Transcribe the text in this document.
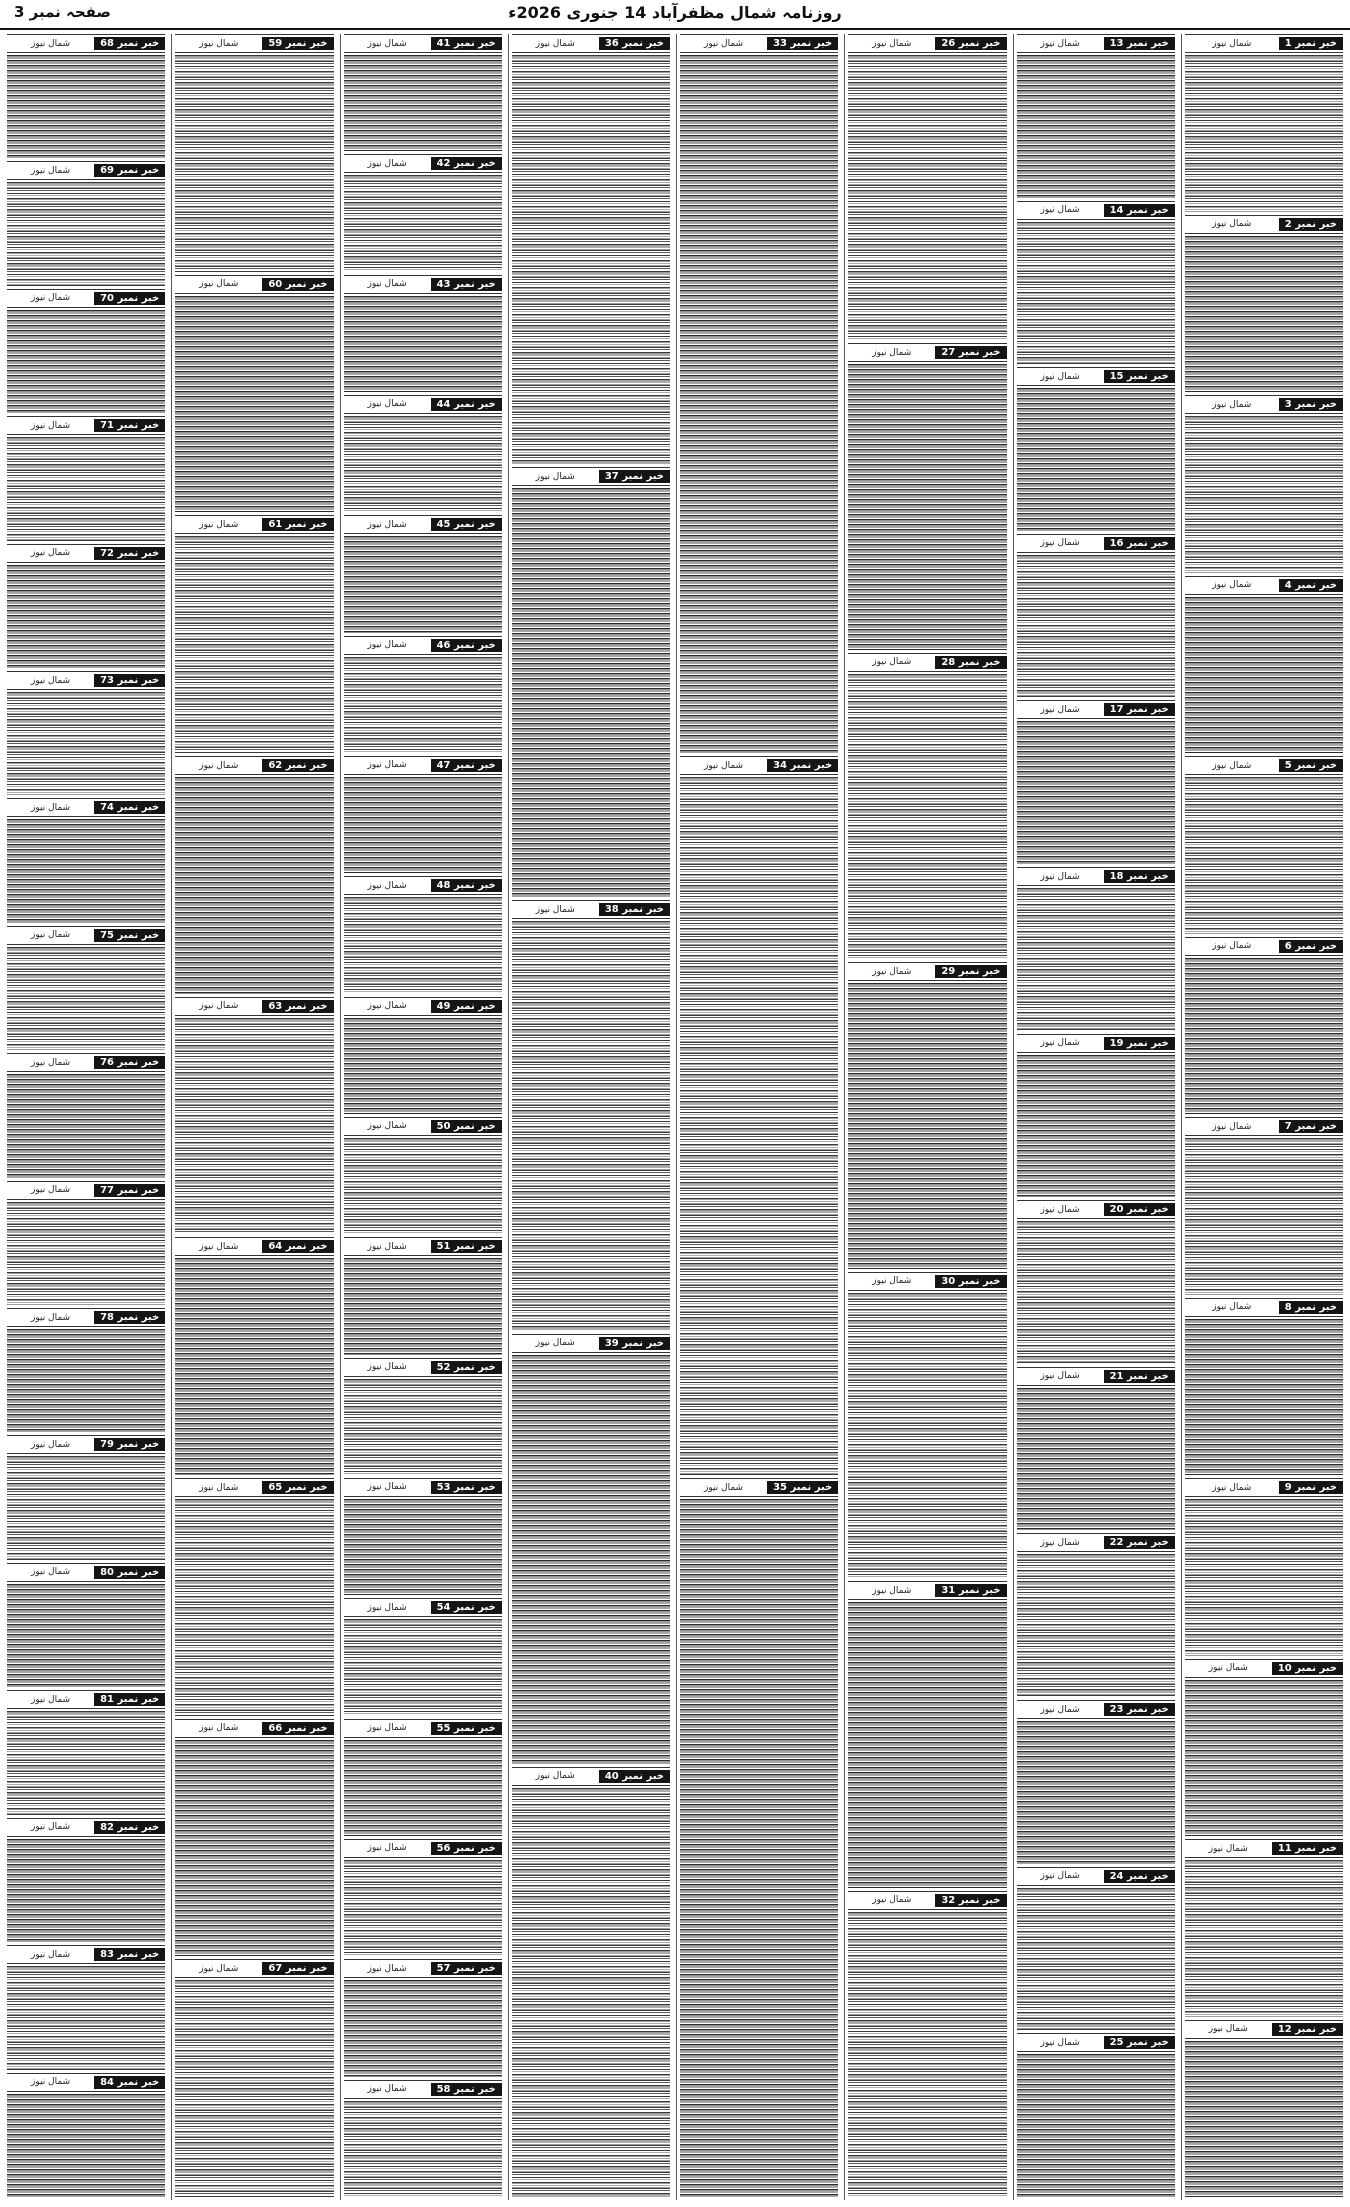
صفحہ نمبر 3	روزنامہ شمال مظفرآباد 14 جنوری 2026ء
خبر نمبر 1
شمال نیوز
خبر نمبر 2
شمال نیوز
خبر نمبر 3
شمال نیوز
خبر نمبر 4
شمال نیوز
خبر نمبر 5
شمال نیوز
خبر نمبر 6
شمال نیوز
خبر نمبر 7
شمال نیوز
خبر نمبر 8
شمال نیوز
خبر نمبر 9
شمال نیوز
خبر نمبر 10
شمال نیوز
خبر نمبر 11
شمال نیوز
خبر نمبر 12
شمال نیوز
خبر نمبر 13
شمال نیوز
خبر نمبر 14
شمال نیوز
خبر نمبر 15
شمال نیوز
خبر نمبر 16
شمال نیوز
خبر نمبر 17
شمال نیوز
خبر نمبر 18
شمال نیوز
خبر نمبر 19
شمال نیوز
خبر نمبر 20
شمال نیوز
خبر نمبر 21
شمال نیوز
خبر نمبر 22
شمال نیوز
خبر نمبر 23
شمال نیوز
خبر نمبر 24
شمال نیوز
خبر نمبر 25
شمال نیوز
خبر نمبر 26
شمال نیوز
خبر نمبر 27
شمال نیوز
خبر نمبر 28
شمال نیوز
خبر نمبر 29
شمال نیوز
خبر نمبر 30
شمال نیوز
خبر نمبر 31
شمال نیوز
خبر نمبر 32
شمال نیوز
خبر نمبر 33
شمال نیوز
خبر نمبر 34
شمال نیوز
خبر نمبر 35
شمال نیوز
خبر نمبر 36
شمال نیوز
خبر نمبر 37
شمال نیوز
خبر نمبر 38
شمال نیوز
خبر نمبر 39
شمال نیوز
خبر نمبر 40
شمال نیوز
خبر نمبر 41
شمال نیوز
خبر نمبر 42
شمال نیوز
خبر نمبر 43
شمال نیوز
خبر نمبر 44
شمال نیوز
خبر نمبر 45
شمال نیوز
خبر نمبر 46
شمال نیوز
خبر نمبر 47
شمال نیوز
خبر نمبر 48
شمال نیوز
خبر نمبر 49
شمال نیوز
خبر نمبر 50
شمال نیوز
خبر نمبر 51
شمال نیوز
خبر نمبر 52
شمال نیوز
خبر نمبر 53
شمال نیوز
خبر نمبر 54
شمال نیوز
خبر نمبر 55
شمال نیوز
خبر نمبر 56
شمال نیوز
خبر نمبر 57
شمال نیوز
خبر نمبر 58
شمال نیوز
خبر نمبر 59
شمال نیوز
خبر نمبر 60
شمال نیوز
خبر نمبر 61
شمال نیوز
خبر نمبر 62
شمال نیوز
خبر نمبر 63
شمال نیوز
خبر نمبر 64
شمال نیوز
خبر نمبر 65
شمال نیوز
خبر نمبر 66
شمال نیوز
خبر نمبر 67
شمال نیوز
خبر نمبر 68
شمال نیوز
خبر نمبر 69
شمال نیوز
خبر نمبر 70
شمال نیوز
خبر نمبر 71
شمال نیوز
خبر نمبر 72
شمال نیوز
خبر نمبر 73
شمال نیوز
خبر نمبر 74
شمال نیوز
خبر نمبر 75
شمال نیوز
خبر نمبر 76
شمال نیوز
خبر نمبر 77
شمال نیوز
خبر نمبر 78
شمال نیوز
خبر نمبر 79
شمال نیوز
خبر نمبر 80
شمال نیوز
خبر نمبر 81
شمال نیوز
خبر نمبر 82
شمال نیوز
خبر نمبر 83
شمال نیوز
خبر نمبر 84
شمال نیوز
